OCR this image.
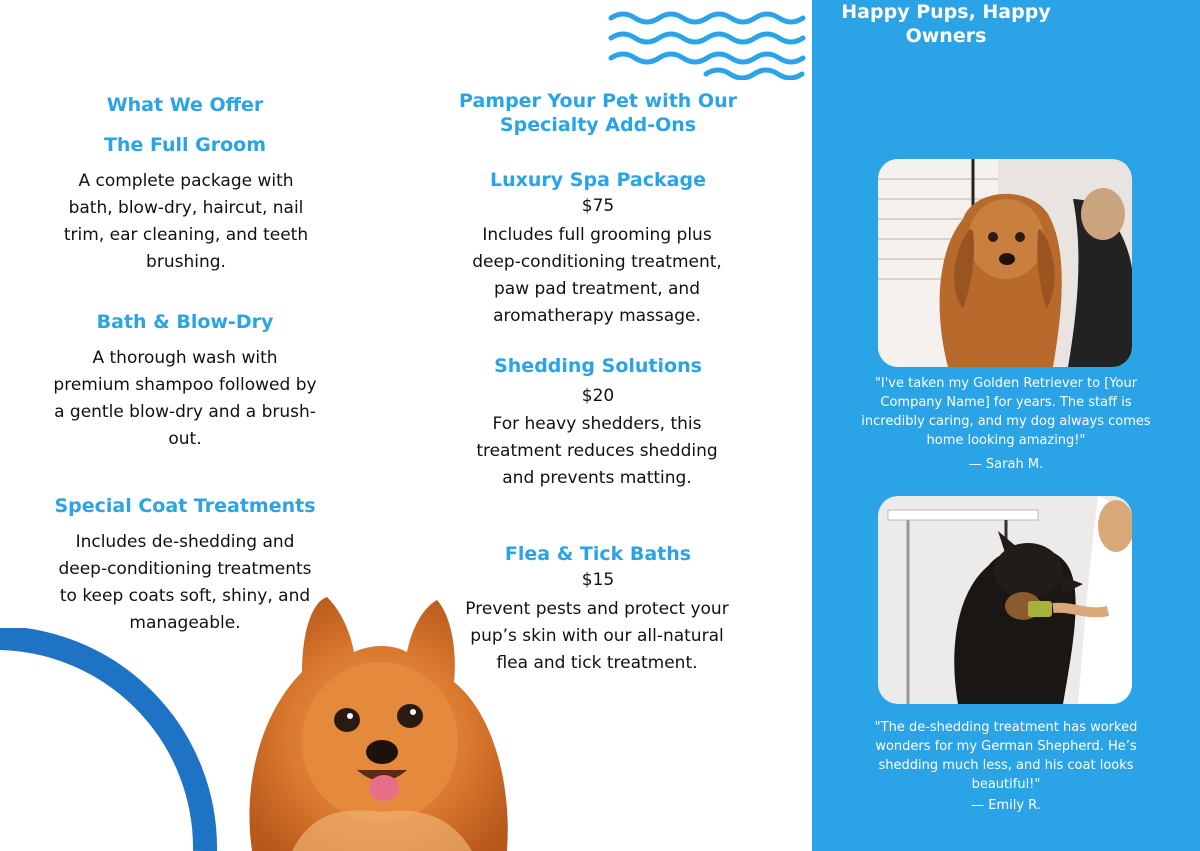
What We Offer
The Full Groom

A complete package with bath, blow-dry, haircut, nail trim, ear cleaning, and teeth brushing.

Bath & Blow-Dry

A thorough wash with premium shampoo followed by a gentle blow-dry and a brush-out.

Special Coat Treatments

Includes de-shedding and deep-conditioning treatments to keep coats soft, shiny, and manageable.

Pamper Your Pet with Our Specialty Add-Ons
Luxury Spa Package

$75

Includes full grooming plus deep-conditioning treatment, paw pad treatment, and aromatherapy massage.

Shedding Solutions

$20

For heavy shedders, this treatment reduces shedding and prevents matting.

Flea & Tick Baths

$15

Prevent pests and protect your pup’s skin with our all-natural flea and tick treatment.

Happy Pups, Happy Owners

"I've taken my Golden Retriever to [Your Company Name] for years. The staff is incredibly caring, and my dog always comes home looking amazing!"

— Sarah M.

"The de-shedding treatment has worked wonders for my German Shepherd. He’s shedding much less, and his coat looks beautiful!"

— Emily R.
